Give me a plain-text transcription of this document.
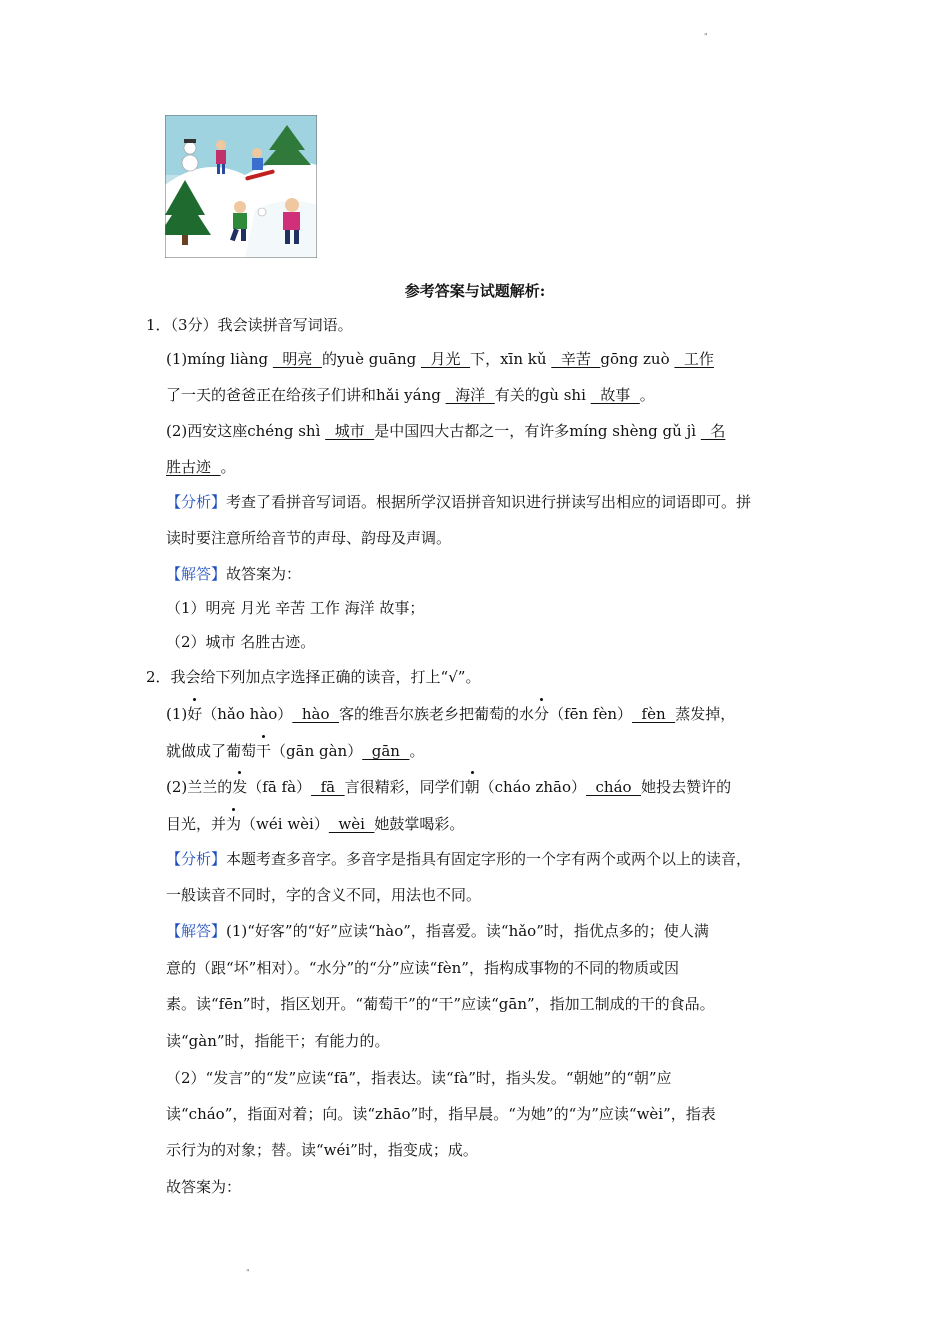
"
参考答案与试题解析:
1．（3分）我会读拼音写词语。
(1)míng liàng   明亮  的yuè guāng   月光  下，xīn kǔ   辛苦  gōng zuò   工作
了一天的爸爸正在给孩子们讲和hǎi yáng   海洋  有关的gù shi   故事  。
(2)西安这座chéng shì   城市  是中国四大古都之一，有许多míng shèng gǔ jì   名
胜古迹  。
【分析】考查了看拼音写词语。根据所学汉语拼音知识进行拼读写出相应的词语即可。拼
读时要注意所给音节的声母、韵母及声调。
【解答】故答案为：
（1）明亮 月光 辛苦 工作 海洋 故事；
（2）城市 名胜古迹。
2．我会给下列加点字选择正确的读音，打上“√”。
(1)好（hǎo hào）  hào  客的维吾尔族老乡把葡萄的水分（fēn fèn）  fèn  蒸发掉，
就做成了葡萄干（gān gàn）  gān  。
(2)兰兰的发（fā fà）  fā  言很精彩，同学们朝（cháo zhāo）  cháo  她投去赞许的
目光，并为（wéi wèi）  wèi  她鼓掌喝彩。
【分析】本题考查多音字。多音字是指具有固定字形的一个字有两个或两个以上的读音，
一般读音不同时，字的含义不同，用法也不同。
【解答】(1)“好客”的“好”应读“hào”，指喜爱。读“hǎo”时，指优点多的；使人满
意的（跟“坏”相对）。“水分”的“分”应读“fèn”，指构成事物的不同的物质或因
素。读“fēn”时，指区划开。“葡萄干”的“干”应读“gān”，指加工制成的干的食品。
读“gàn”时，指能干；有能力的。
（2）“发言”的“发”应读“fā”，指表达。读“fà”时，指头发。“朝她”的“朝”应
读“cháo”，指面对着；向。读“zhāo”时，指早晨。“为她”的“为”应读“wèi”，指表
示行为的对象；替。读“wéi”时，指变成；成。
故答案为：
"
